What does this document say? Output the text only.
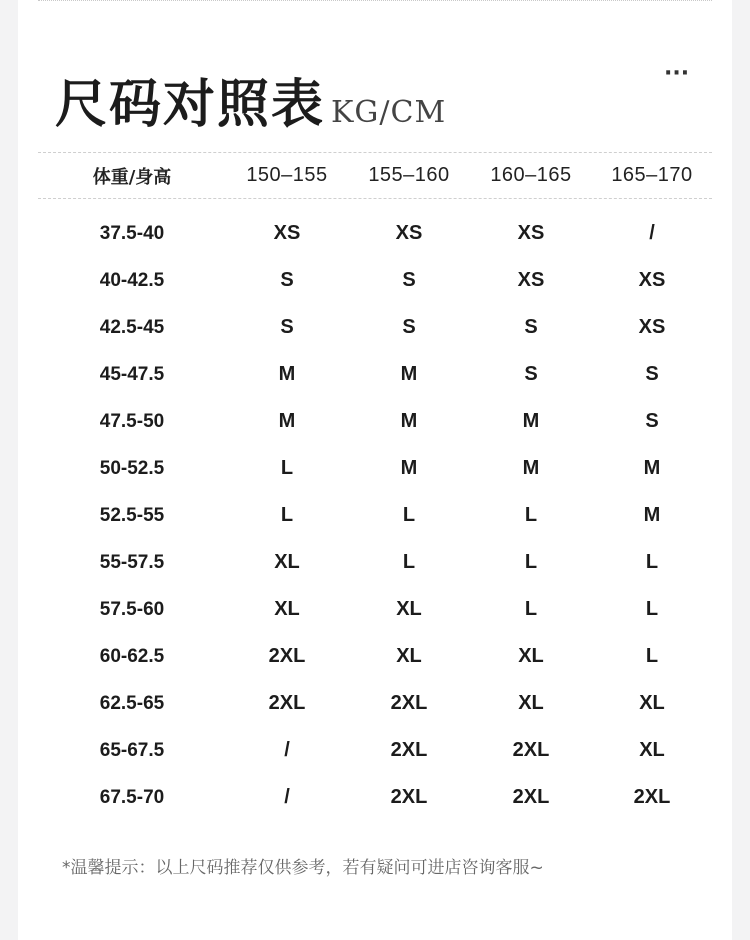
尺码对照表 KG/CM
···
体重/身高	150–155	155–160	160–165	165–170
37.5-40	XS	XS	XS	/
40-42.5	S	S	XS	XS
42.5-45	S	S	S	XS
45-47.5	M	M	S	S
47.5-50	M	M	M	S
50-52.5	L	M	M	M
52.5-55	L	L	L	M
55-57.5	XL	L	L	L
57.5-60	XL	XL	L	L
60-62.5	2XL	XL	XL	L
62.5-65	2XL	2XL	XL	XL
65-67.5	/	2XL	2XL	XL
67.5-70	/	2XL	2XL	2XL
*温馨提示：以上尺码推荐仅供参考，若有疑问可进店咨询客服~
